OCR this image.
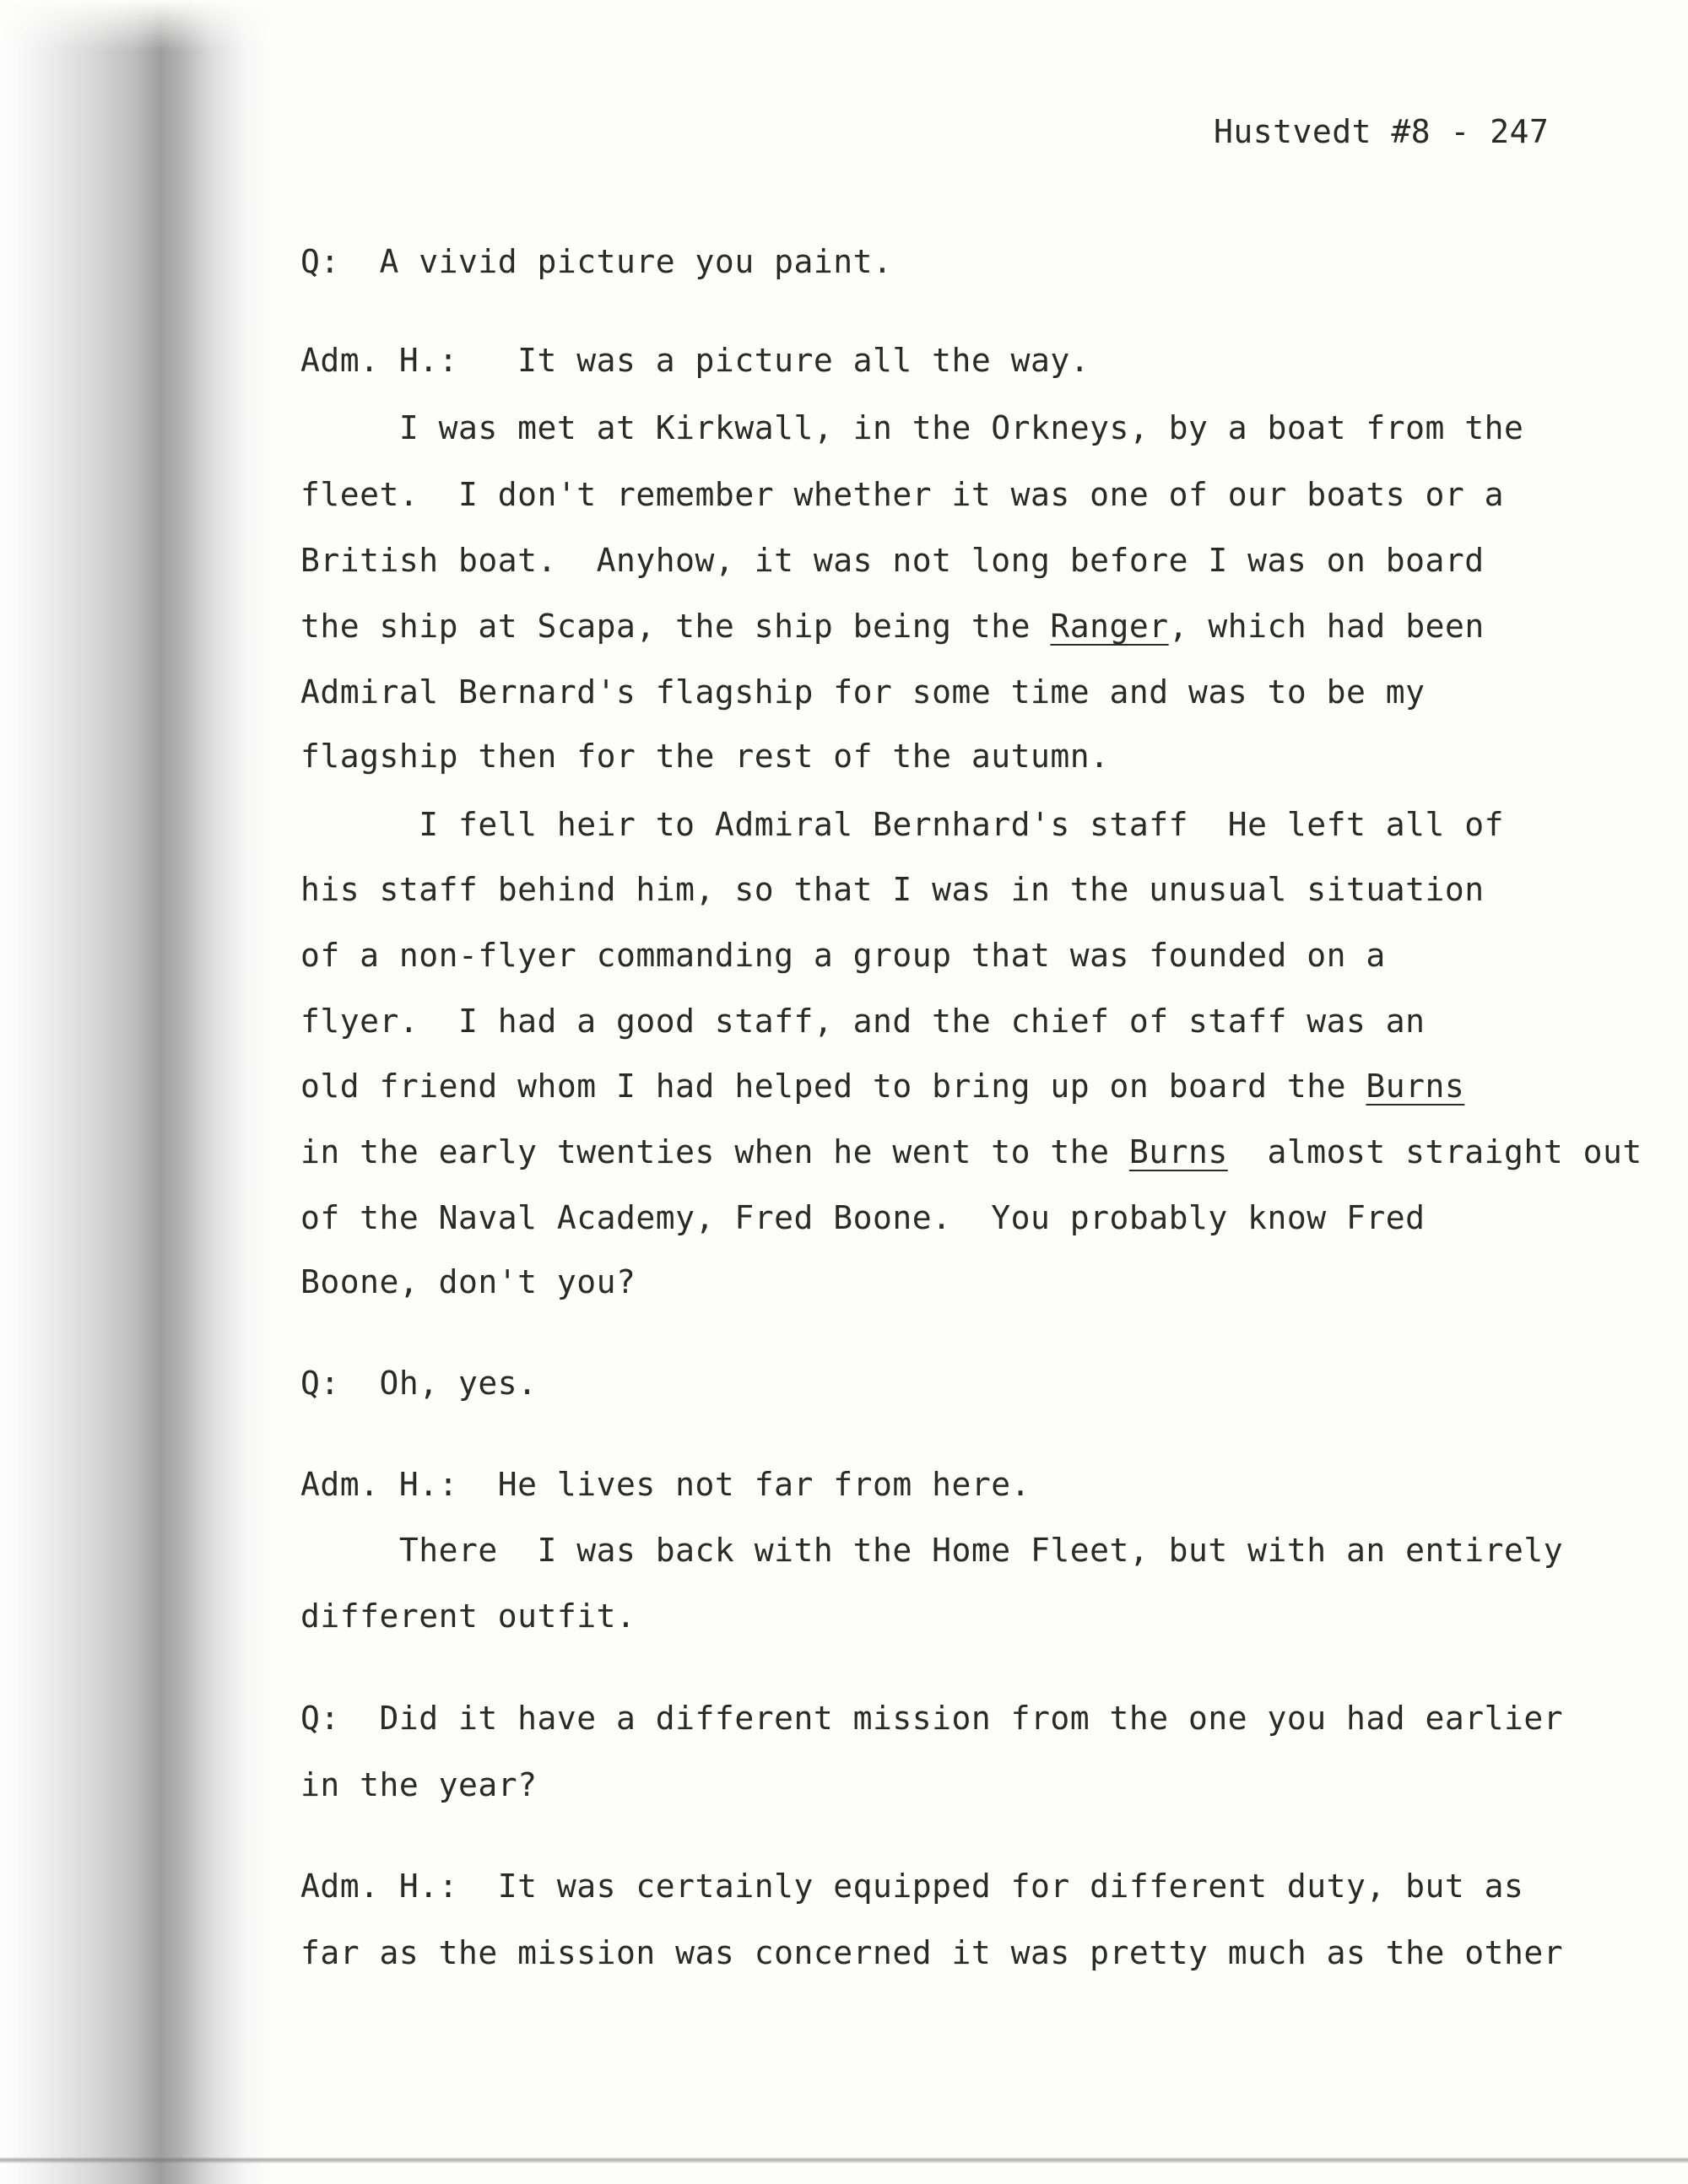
Hustvedt #8 - 247
Q:  A vivid picture you paint.
Adm. H.:   It was a picture all the way.
I was met at Kirkwall, in the Orkneys, by a boat from the
fleet.  I don't remember whether it was one of our boats or a
British boat.  Anyhow, it was not long before I was on board
the ship at Scapa, the ship being the Ranger, which had been
Admiral Bernard's flagship for some time and was to be my
flagship then for the rest of the autumn.
I fell heir to Admiral Bernhard's staff  He left all of
his staff behind him, so that I was in the unusual situation
of a non-flyer commanding a group that was founded on a
flyer.  I had a good staff, and the chief of staff was an
old friend whom I had helped to bring up on board the Burns
in the early twenties when he went to the Burns  almost straight out
of the Naval Academy, Fred Boone.  You probably know Fred
Boone, don't you?
Q:  Oh, yes.
Adm. H.:  He lives not far from here.
There  I was back with the Home Fleet, but with an entirely
different outfit.
Q:  Did it have a different mission from the one you had earlier
in the year?
Adm. H.:  It was certainly equipped for different duty, but as
far as the mission was concerned it was pretty much as the other
